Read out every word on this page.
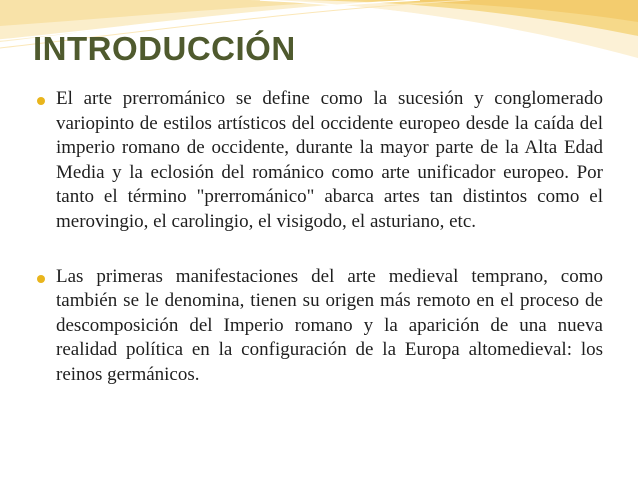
INTRODUCCIÓN
El arte prerrománico se define como la sucesión y conglomerado variopinto de estilos artísticos del occidente europeo desde la caída del imperio romano de occidente, durante la mayor parte de la Alta Edad Media y la eclosión del románico como arte unificador europeo. Por tanto el término "prerrománico" abarca artes tan distintos como el merovingio, el carolingio, el visigodo, el asturiano, etc.
Las primeras manifestaciones del arte medieval temprano, como también se le denomina, tienen su origen más remoto en el proceso de descomposición del Imperio romano y la aparición de una nueva realidad política en la configuración de la Europa altomedieval: los reinos germánicos.
